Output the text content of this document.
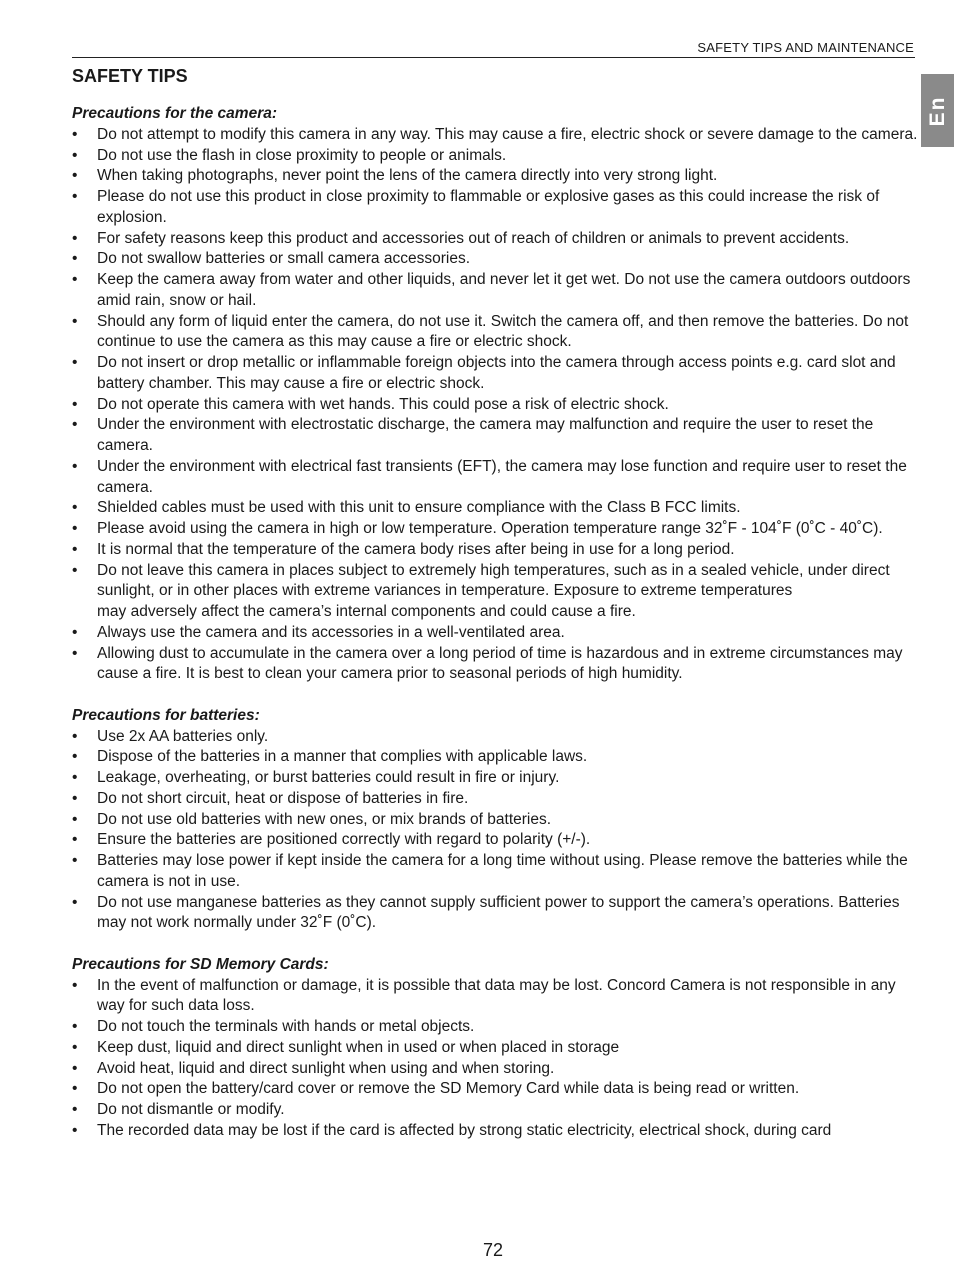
SAFETY TIPS AND MAINTENANCE
En
SAFETY TIPS

Precautions for the camera:

• Do not attempt to modify this camera in any way. This may cause a fire, electric shock or severe damage to the camera.
• Do not use the flash in close proximity to people or animals.
• When taking photographs, never point the lens of the camera directly into very strong light.
• Please do not use this product in close proximity to flammable or explosive gases as this could increase the risk of explosion.
• For safety reasons keep this product and accessories out of reach of children or animals to prevent accidents.
• Do not swallow batteries or small camera accessories.
• Keep the camera away from water and other liquids, and never let it get wet. Do not use the camera outdoors outdoors amid rain, snow or hail.
• Should any form of liquid enter the camera, do not use it. Switch the camera off, and then remove the batteries. Do not continue to use the camera as this may cause a fire or electric shock.
• Do not insert or drop metallic or inflammable foreign objects into the camera through access points e.g. card slot and battery chamber. This may cause a fire or electric shock.
• Do not operate this camera with wet hands. This could pose a risk of electric shock.
• Under the environment with electrostatic discharge, the camera may malfunction and require the user to reset the camera.
• Under the environment with electrical fast transients (EFT), the camera may lose function and require user to reset the camera.
• Shielded cables must be used with this unit to ensure compliance with the Class B FCC limits.
• Please avoid using the camera in high or low temperature. Operation temperature range 32˚F - 104˚F (0˚C - 40˚C).
• It is normal that the temperature of the camera body rises after being in use for a long period.
• Do not leave this camera in places subject to extremely high temperatures, such as in a sealed vehicle, under direct sunlight, or in other places with extreme variances in temperature. Exposure to extreme temperatures
may adversely affect the camera’s internal components and could cause a fire.
• Always use the camera and its accessories in a well-ventilated area.
• Allowing dust to accumulate in the camera over a long period of time is hazardous and in extreme circumstances may cause a fire. It is best to clean your camera prior to seasonal periods of high humidity.

Precautions for batteries:

• Use 2x AA batteries only.
• Dispose of the batteries in a manner that complies with applicable laws.
• Leakage, overheating, or burst batteries could result in fire or injury.
• Do not short circuit, heat or dispose of batteries in fire.
• Do not use old batteries with new ones, or mix brands of batteries.
• Ensure the batteries are positioned correctly with regard to polarity (+/-).
• Batteries may lose power if kept inside the camera for a long time without using. Please remove the batteries while the camera is not in use.
• Do not use manganese batteries as they cannot supply sufficient power to support the camera’s operations. Batteries may not work normally under 32˚F (0˚C).

Precautions for SD Memory Cards:

• In the event of malfunction or damage, it is possible that data may be lost. Concord Camera is not responsible in any way for such data loss.
• Do not touch the terminals with hands or metal objects.
• Keep dust, liquid and direct sunlight when in used or when placed in storage
• Avoid heat, liquid and direct sunlight when using and when storing.
• Do not open the battery/card cover or remove the SD Memory Card while data is being read or written.
• Do not dismantle or modify.
• The recorded data may be lost if the card is affected by strong static electricity, electrical shock, during card
72
